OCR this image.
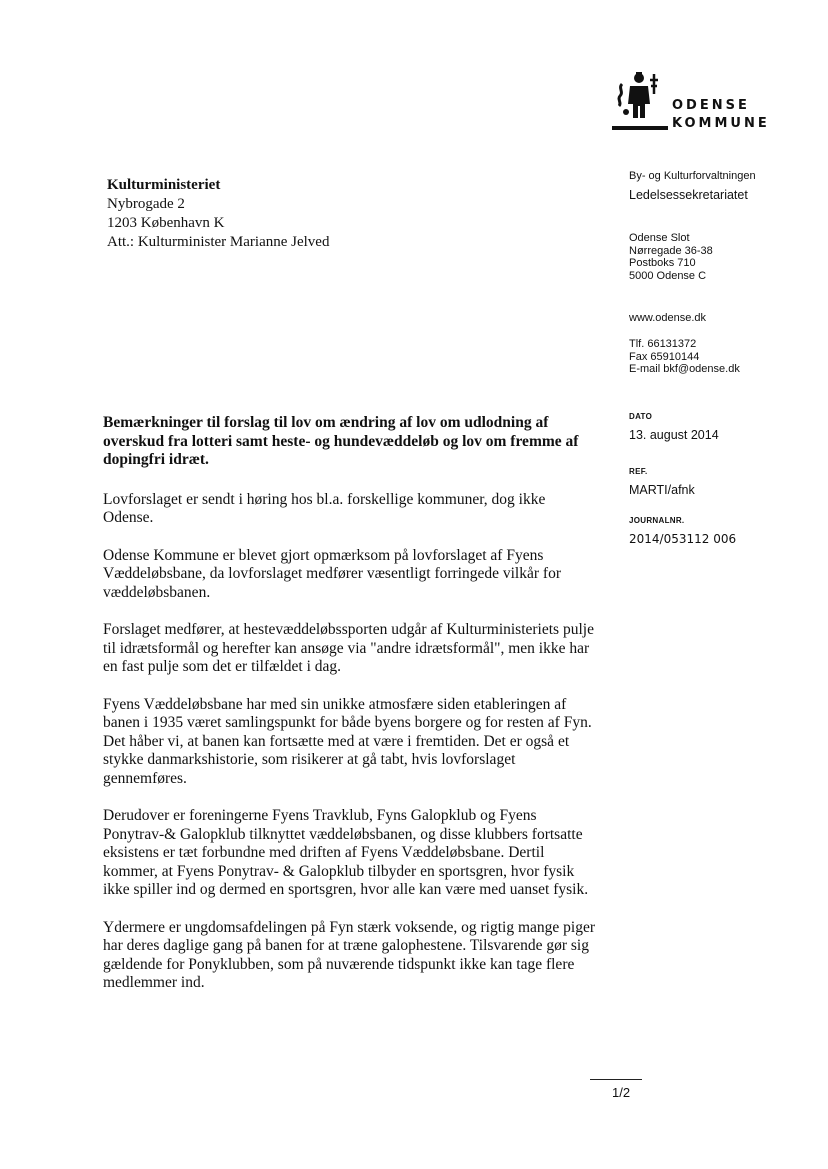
ODENSE
KOMMUNE
Kulturministeriet
Nybrogade 2
1203 København K
Att.: Kulturminister Marianne Jelved
By- og Kulturforvaltningen
Ledelsessekretariatet
Odense Slot
Nørregade 36-38
Postboks 710
5000 Odense C
www.odense.dk
Tlf. 66131372
Fax 65910144
E-mail bkf@odense.dk
DATO
13. august 2014
REF.
MARTI/afnk
JOURNALNR.
2014/053112 006

Bemærkninger til forslag til lov om ændring af lov om udlodning af overskud fra lotteri samt heste- og hundevæddeløb og lov om fremme af dopingfri idræt.

Lovforslaget er sendt i høring hos bl.a. forskellige kommuner, dog ikke Odense.

Odense Kommune er blevet gjort opmærksom på lovforslaget af Fyens Væddeløbsbane, da lovforslaget medfører væsentligt forringede vilkår for væddeløbsbanen.

Forslaget medfører, at hestevæddeløbssporten udgår af Kulturministeriets pulje til idrætsformål og herefter kan ansøge via "andre idrætsformål", men ikke har en fast pulje som det er tilfældet i dag.

Fyens Væddeløbsbane har med sin unikke atmosfære siden etableringen af banen i 1935 været samlingspunkt for både byens borgere og for resten af Fyn. Det håber vi, at banen kan fortsætte med at være i fremtiden. Det er også et stykke danmarkshistorie, som risikerer at gå tabt, hvis lovforslaget gennemføres.

Derudover er foreningerne Fyens Travklub, Fyns Galopklub og Fyens Ponytrav-& Galopklub tilknyttet væddeløbsbanen, og disse klubbers fortsatte eksistens er tæt forbundne med driften af Fyens Væddeløbsbane. Dertil kommer, at Fyens Ponytrav- & Galopklub tilbyder en sportsgren, hvor fysik ikke spiller ind og dermed en sportsgren, hvor alle kan være med uanset fysik.

Ydermere er ungdomsafdelingen på Fyn stærk voksende, og rigtig mange piger har deres daglige gang på banen for at træne galophestene. Tilsvarende gør sig gældende for Ponyklubben, som på nuværende tidspunkt ikke kan tage flere medlemmer ind.

1/2
